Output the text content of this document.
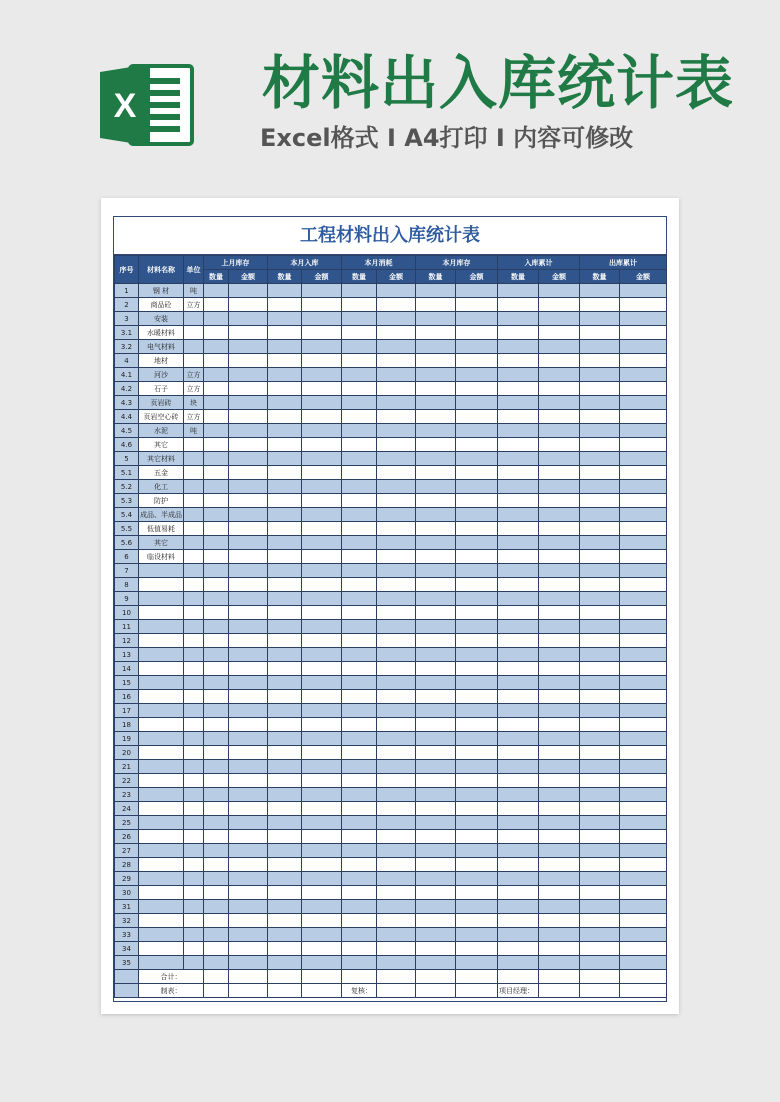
X 材料出入库统计表
Excel格式 I A4打印 I 内容可修改
工程材料出入库统计表
序号	材料名称	单位	上月库存		本月入库		本月消耗		本月库存		入库累计		出库累计	
			数量	金额	数量	金额	数量	金额	数量	金额	数量	金额	数量	金额
1	钢 材	吨												
2	商品砼	立方												
3	安装													
3.1	水暖材料													
3.2	电气材料													
4	地材													
4.1	河沙	立方												
4.2	石子	立方												
4.3	页岩砖	块												
4.4	页岩空心砖	立方												
4.5	水泥	吨												
4.6	其它													
5	其它材料													
5.1	五金													
5.2	化工													
5.3	防护													
5.4	成品、半成品													
5.5	低值易耗													
5.6	其它													
6	临设材料													
7														
8														
9														
10														
11														
12														
13														
14														
15														
16														
17														
18														
19														
20														
21														
22														
23														
24														
25														
26														
27														
28														
29														
30														
31														
32														
33														
34														
35														
	合计：													
	制表：						复核：				项目经理：			
